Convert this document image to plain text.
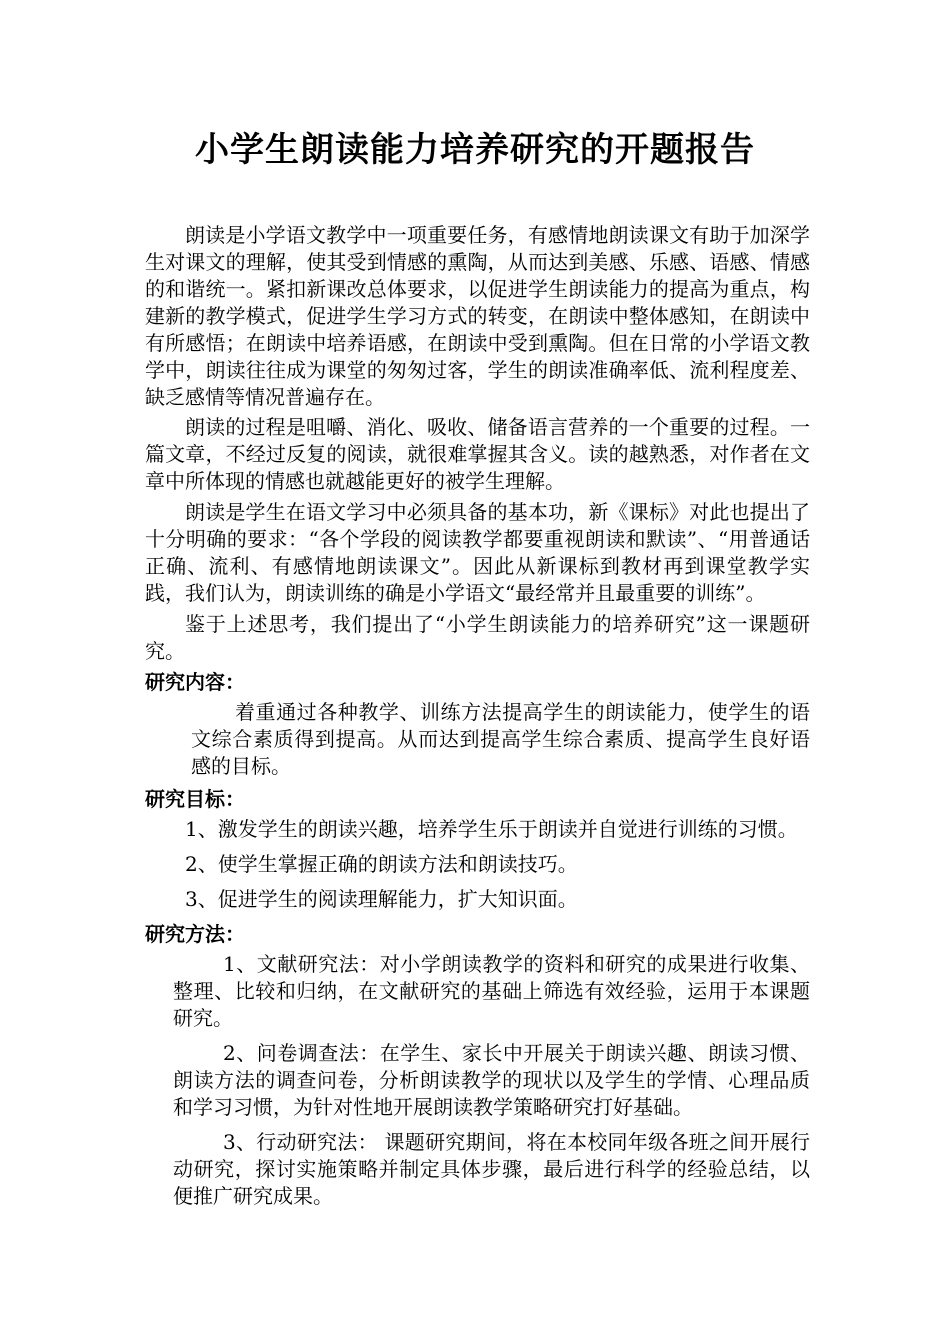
小学生朗读能力培养研究的开题报告

朗读是小学语文教学中一项重要任务，有感情地朗读课文有助于加深学生对课文的理解，使其受到情感的熏陶，从而达到美感、乐感、语感、情感的和谐统一。紧扣新课改总体要求，以促进学生朗读能力的提高为重点，构建新的教学模式，促进学生学习方式的转变，在朗读中整体感知，在朗读中有所感悟；在朗读中培养语感，在朗读中受到熏陶。但在日常的小学语文教学中，朗读往往成为课堂的匆匆过客，学生的朗读准确率低、流利程度差、缺乏感情等情况普遍存在。

朗读的过程是咀嚼、消化、吸收、储备语言营养的一个重要的过程。一篇文章，不经过反复的阅读，就很难掌握其含义。读的越熟悉，对作者在文章中所体现的情感也就越能更好的被学生理解。

朗读是学生在语文学习中必须具备的基本功，新《课标》对此也提出了十分明确的要求：“各个学段的阅读教学都要重视朗读和默读”、“用普通话正确、流利、有感情地朗读课文”。因此从新课标到教材再到课堂教学实践，我们认为，朗读训练的确是小学语文“最经常并且最重要的训练”。

鉴于上述思考，我们提出了“小学生朗读能力的培养研究”这一课题研究。

研究内容：

着重通过各种教学、训练方法提高学生的朗读能力，使学生的语文综合素质得到提高。从而达到提高学生综合素质、提高学生良好语感的目标。

研究目标：

1、激发学生的朗读兴趣，培养学生乐于朗读并自觉进行训练的习惯。

2、使学生掌握正确的朗读方法和朗读技巧。

3、促进学生的阅读理解能力，扩大知识面。

研究方法：

1、文献研究法：对小学朗读教学的资料和研究的成果进行收集、整理、比较和归纳，在文献研究的基础上筛选有效经验，运用于本课题研究。

2、问卷调查法：在学生、家长中开展关于朗读兴趣、朗读习惯、朗读方法的调查问卷，分析朗读教学的现状以及学生的学情、心理品质和学习习惯，为针对性地开展朗读教学策略研究打好基础。

3、行动研究法： 课题研究期间，将在本校同年级各班之间开展行动研究，探讨实施策略并制定具体步骤，最后进行科学的经验总结，以便推广研究成果。
